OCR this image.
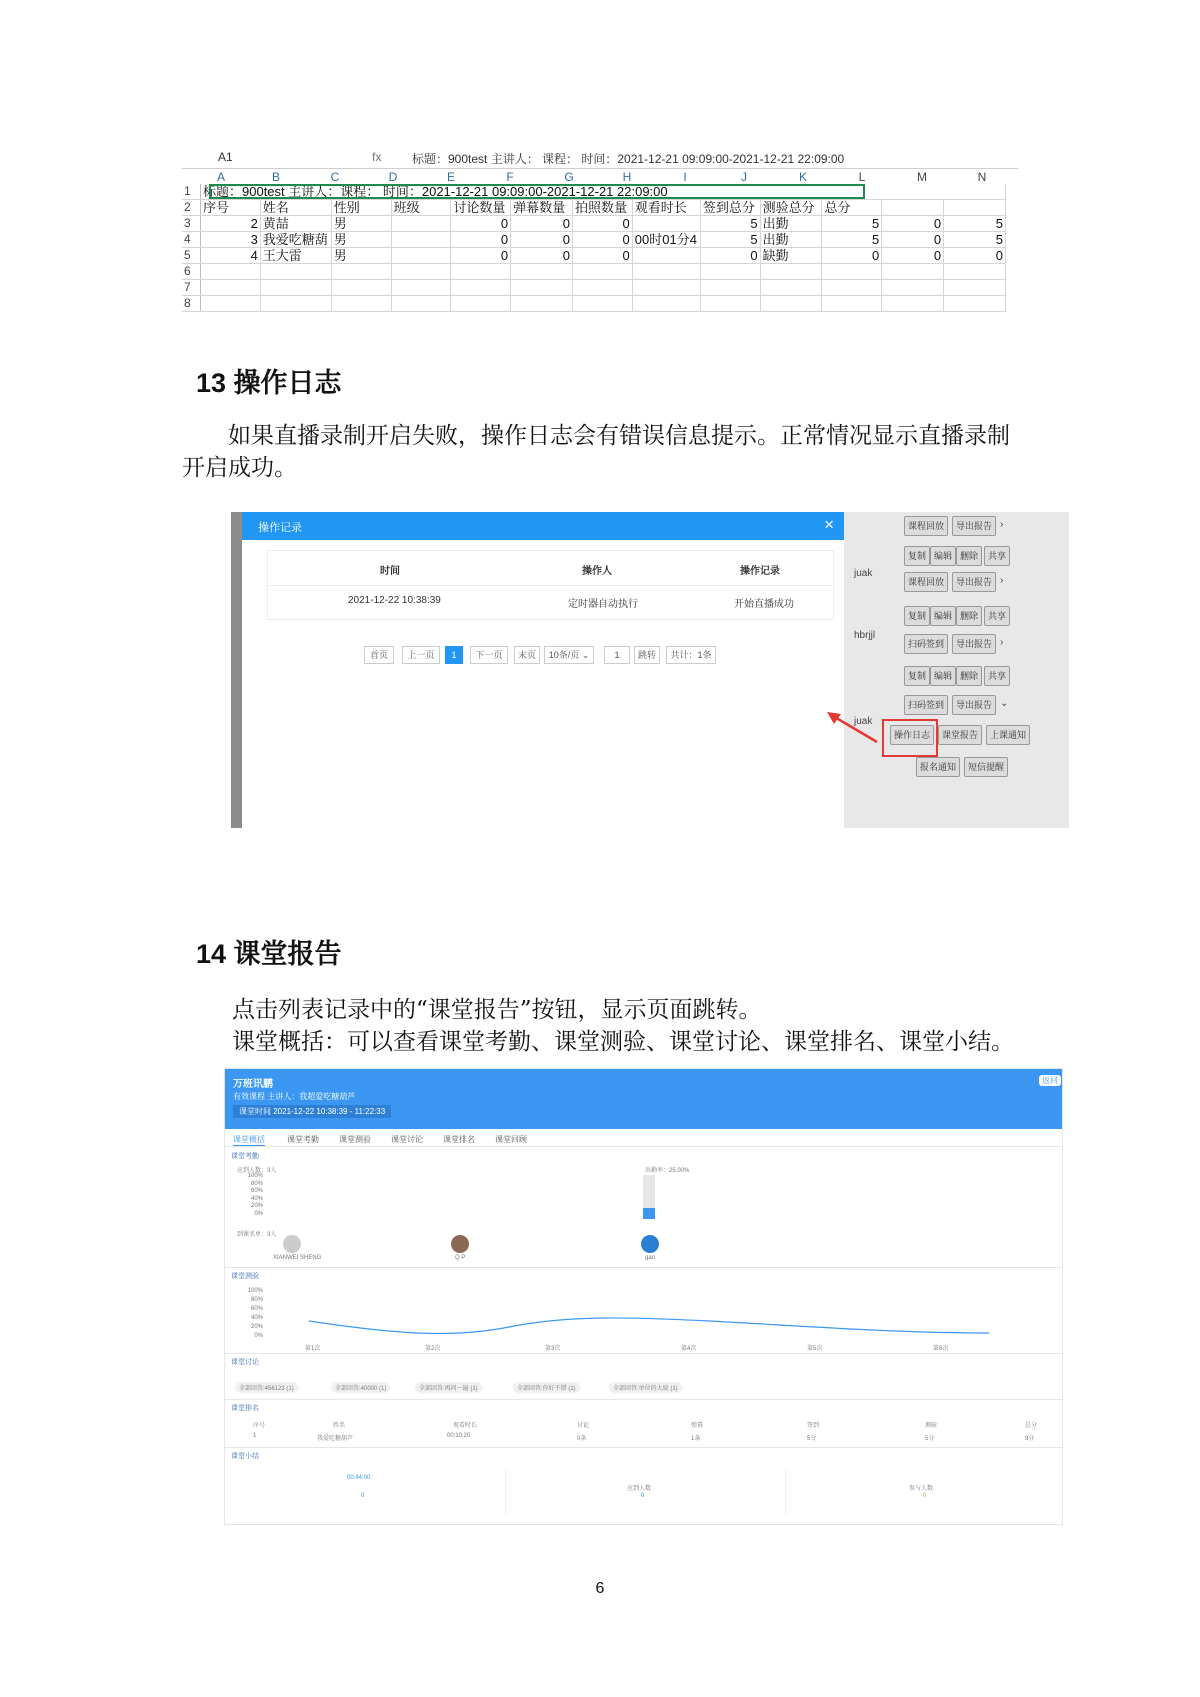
A1	fx	标题：900test 主讲人： 课程： 时间：2021-12-21 09:09:00-2021-12-21 22:09:00
A	B	C	D	E	F	G	H	I	J	K	L	M	N
1	标题：900test 主讲人：课程： 时间：2021-12-21 09:09:00-2021-12-21 22:09:00												
2	序号	姓名	性别	班级	讨论数量	弹幕数量	拍照数量	观看时长	签到总分	测验总分	总分		
3	2	黄喆	男		0	0	0		5	出勤	5	0	5
4	3	我爱吃糖葫	男		0	0	0	00时01分4	5	出勤	5	0	5
5	4	王大雷	男		0	0	0		0	缺勤	0	0	0
6													
7													
8													
13 操作日志
如果直播录制开启失败，操作日志会有错误信息提示。正常情况显示直播录制开启成功。
操作记录	×
时间	操作人	操作记录
2021-12-22 10:38:39	定时器自动执行	开始直播成功
首页	上一页	1	下一页	末页	10条/页 ⌄	1	跳转	共计：1条
juak
hbrjjl
juak
课程回放	导出报告 ›
复制 编辑 删除	共享
课程回放	导出报告 ›
复制 编辑 删除	共享
扫码签到	导出报告 ›
复制 编辑 删除	共享
扫码签到	导出报告 ⌄
操作日志	课堂报告	上课通知
报名通知	短信提醒
14 课堂报告
点击列表记录中的“课堂报告”按钮，显示页面跳转。
课堂概括：可以查看课堂考勤、课堂测验、课堂讨论、课堂排名、课堂小结。
万班讯鹏
有效课程 主讲人：我超爱吃糖葫芦
课堂时间 2021-12-22 10:38:39 - 11:22:33
返回
课堂概括	课堂考勤	课堂测验	课堂讨论	课堂排名	课堂回顾
课堂考勤
应到人数：3人	出勤率：25.00%
100%
80%
60%
40%
20%
0%
到课名单：3人
XIANWEI SHENG	Q.P	gao
课堂测验
100%
80%
60%
40%
20%
0%
第1次	第2次	第3次	第4次	第5次	第6次
课堂讨论
全部回答:456123 (1)	全部回答:40000 (1)	全部回答:再问一遍 (1)	全部回答:你好不错 (1)	全部回答:单位的大厦 (1)
课堂排名
序号	姓名	观看时长	讨论	弹幕	签到	测验	总分
1	我爱吃糖葫芦	00:10:20	0条	1条	5分	5分	9分
课堂小结
00:44:00
应到人数	参与人数
0	0	0
6
